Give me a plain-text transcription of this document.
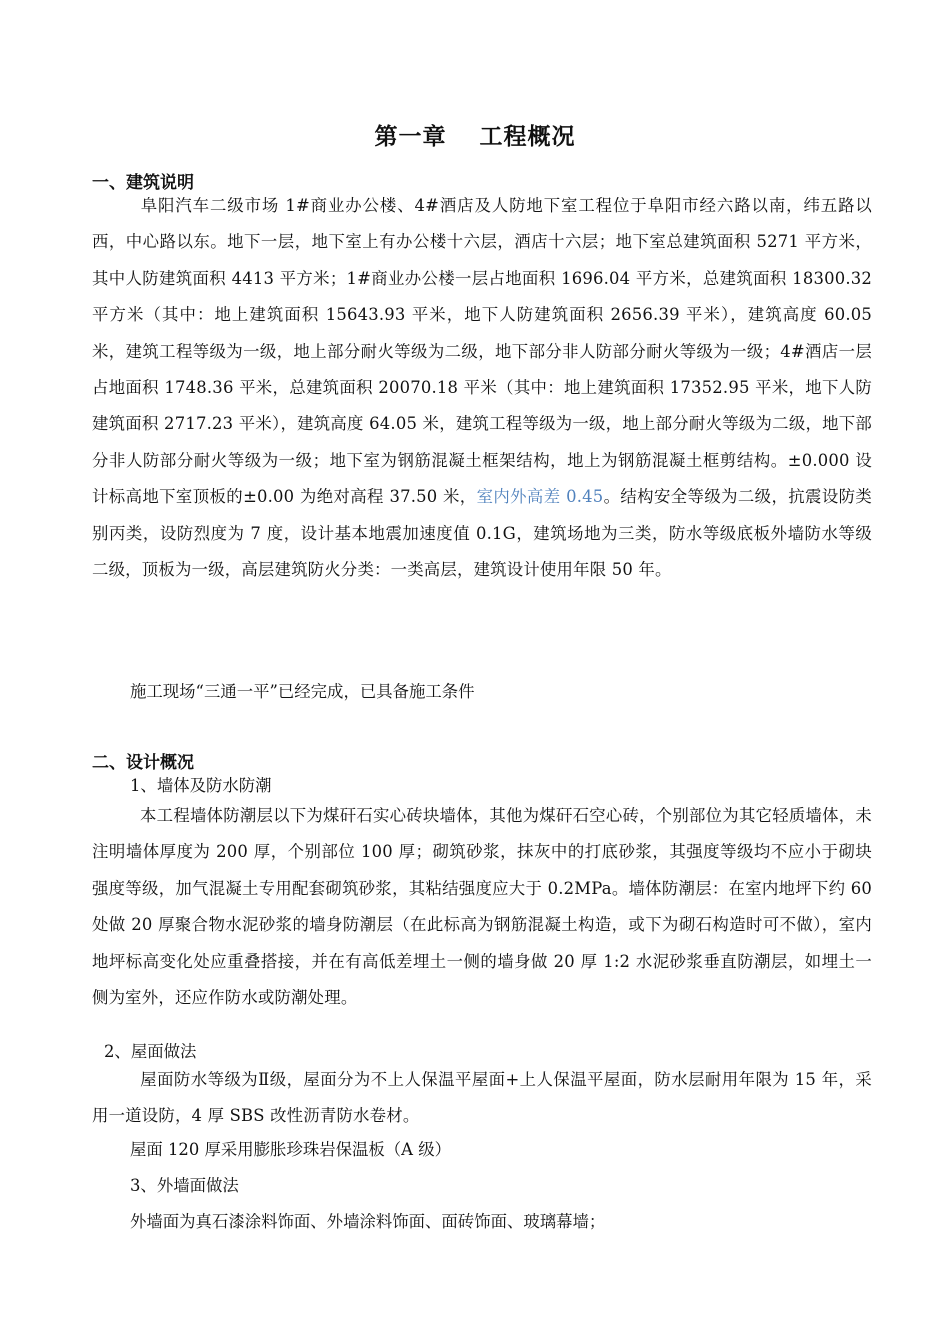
第一章　 工程概况
一、建筑说明
阜阳汽车二级市场 1#商业办公楼、4#酒店及人防地下室工程位于阜阳市经六路以南，纬五路以西，中心路以东。地下一层，地下室上有办公楼十六层，酒店十六层；地下室总建筑面积 5271 平方米，其中人防建筑面积 4413 平方米；1#商业办公楼一层占地面积 1696.04 平方米，总建筑面积 18300.32 平方米（其中：地上建筑面积 15643.93 平米，地下人防建筑面积 2656.39 平米），建筑高度 60.05 米，建筑工程等级为一级，地上部分耐火等级为二级，地下部分非人防部分耐火等级为一级；4#酒店一层占地面积 1748.36 平米，总建筑面积 20070.18 平米（其中：地上建筑面积 17352.95 平米，地下人防建筑面积 2717.23 平米），建筑高度 64.05 米，建筑工程等级为一级，地上部分耐火等级为二级，地下部分非人防部分耐火等级为一级；地下室为钢筋混凝土框架结构，地上为钢筋混凝土框剪结构。±0.000 设计标高地下室顶板的±0.00 为绝对高程 37.50 米，室内外高差 0.45。结构安全等级为二级，抗震设防类别丙类，设防烈度为 7 度，设计基本地震加速度值 0.1G，建筑场地为三类，防水等级底板外墙防水等级二级，顶板为一级，高层建筑防火分类：一类高层，建筑设计使用年限 50 年。
施工现场“三通一平”已经完成，已具备施工条件
二、设计概况
1、墙体及防水防潮
本工程墙体防潮层以下为煤矸石实心砖块墙体，其他为煤矸石空心砖，个别部位为其它轻质墙体，未注明墙体厚度为 200 厚，个别部位 100 厚；砌筑砂浆，抹灰中的打底砂浆，其强度等级均不应小于砌块强度等级，加气混凝土专用配套砌筑砂浆，其粘结强度应大于 0.2MPa。墙体防潮层：在室内地坪下约 60 处做 20 厚聚合物水泥砂浆的墙身防潮层（在此标高为钢筋混凝土构造，或下为砌石构造时可不做），室内地坪标高变化处应重叠搭接，并在有高低差埋土一侧的墙身做 20 厚 1:2 水泥砂浆垂直防潮层，如埋土一侧为室外，还应作防水或防潮处理。
2、屋面做法
屋面防水等级为Ⅱ级，屋面分为不上人保温平屋面+上人保温平屋面，防水层耐用年限为 15 年，采用一道设防，4 厚 SBS 改性沥青防水卷材。
屋面 120 厚采用膨胀珍珠岩保温板（A 级）
3、外墙面做法
外墙面为真石漆涂料饰面、外墙涂料饰面、面砖饰面、玻璃幕墙；
